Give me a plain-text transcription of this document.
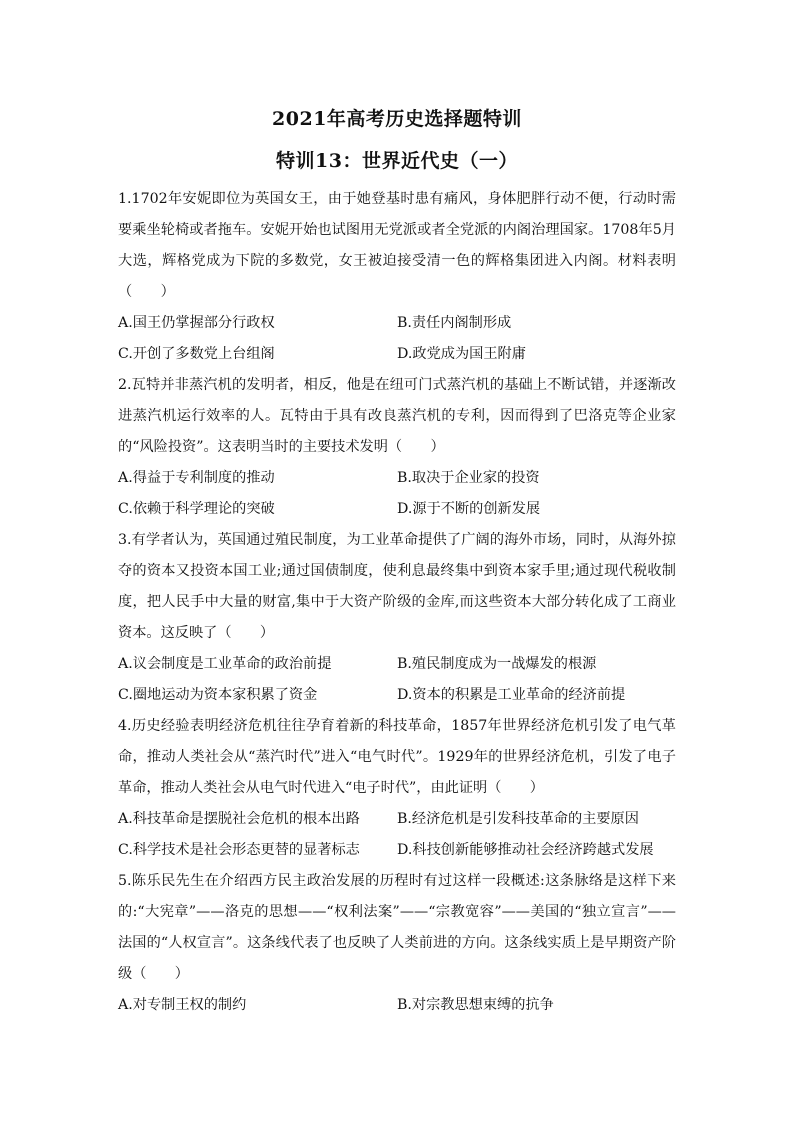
2021年高考历史选择题特训
特训13：世界近代史（一）

1.1702年安妮即位为英国女王，由于她登基时患有痛风，身体肥胖行动不便，行动时需要乘坐轮椅或者拖车。安妮开始也试图用无党派或者全党派的内阁治理国家。1708年5月大选，辉格党成为下院的多数党，女王被迫接受清一色的辉格集团进入内阁。材料表明（　　）

A.国王仍掌握部分行政权	B.责任内阁制形成
C.开创了多数党上台组阁	D.政党成为国王附庸

2.瓦特并非蒸汽机的发明者，相反，他是在纽可门式蒸汽机的基础上不断试错，并逐渐改进蒸汽机运行效率的人。瓦特由于具有改良蒸汽机的专利，因而得到了巴洛克等企业家的“风险投资”。这表明当时的主要技术发明（　　）

A.得益于专利制度的推动	B.取决于企业家的投资
C.依赖于科学理论的突破	D.源于不断的创新发展

3.有学者认为，英国通过殖民制度，为工业革命提供了广阔的海外市场，同时，从海外掠夺的资本又投资本国工业;通过国债制度，使利息最终集中到资本家手里;通过现代税收制度，把人民手中大量的财富,集中于大资产阶级的金库,而这些资本大部分转化成了工商业资本。这反映了（　　）

A.议会制度是工业革命的政治前提	B.殖民制度成为一战爆发的根源
C.圈地运动为资本家积累了资金	D.资本的积累是工业革命的经济前提

4.历史经验表明经济危机往往孕育着新的科技革命，1857年世界经济危机引发了电气革命，推动人类社会从“蒸汽时代”进入“电气时代”。1929年的世界经济危机，引发了电子革命，推动人类社会从电气时代进入“电子时代”，由此证明（　　）

A.科技革命是摆脱社会危机的根本出路	B.经济危机是引发科技革命的主要原因
C.科学技术是社会形态更替的显著标志	D.科技创新能够推动社会经济跨越式发展

5.陈乐民先生在介绍西方民主政治发展的历程时有过这样一段概述:这条脉络是这样下来的:“大宪章”——洛克的思想——“权利法案”——“宗教宽容”——美国的“独立宣言”——法国的“人权宣言”。这条线代表了也反映了人类前进的方向。这条线实质上是早期资产阶级（　　）

A.对专制王权的制约	B.对宗教思想束缚的抗争
